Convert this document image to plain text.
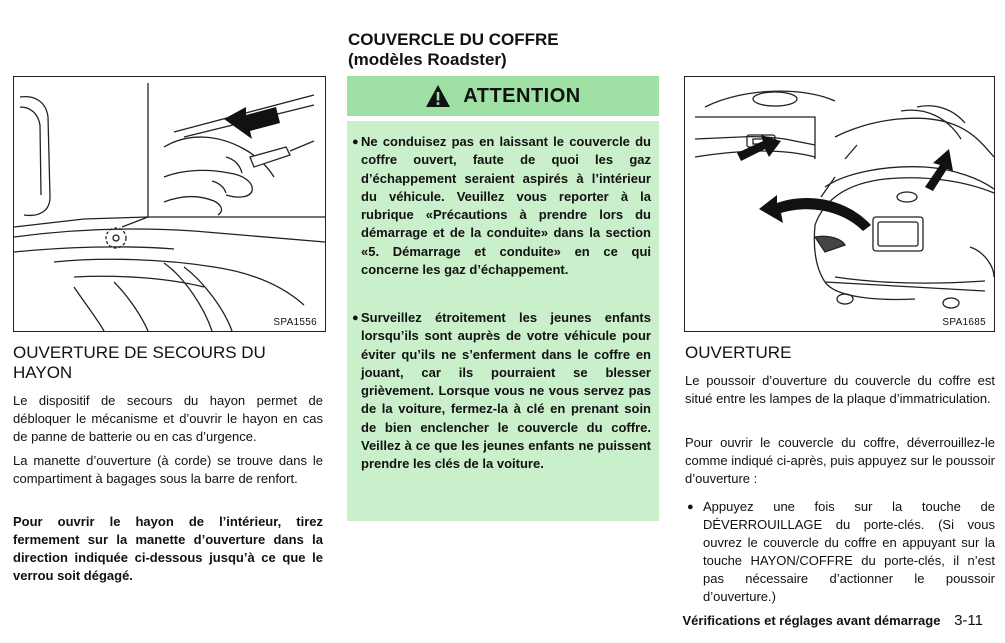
SPA1556
OUVERTURE DE SECOURS DU HAYON

Le dispositif de secours du hayon permet de débloquer le mécanisme et d’ouvrir le hayon en cas de panne de batterie ou en cas d’urgence.

La manette d’ouverture (à corde) se trouve dans le compartiment à bagages sous la barre de renfort.

Pour ouvrir le hayon de l’intérieur, tirez fermement sur la manette d’ouverture dans la direction indiquée ci-dessous jusqu’à ce que le verrou soit dégagé.

COUVERCLE DU COFFRE
(modèles Roadster)
ATTENTION
● Ne conduisez pas en laissant le couvercle du coffre ouvert, faute de quoi les gaz d’échappement seraient aspirés à l’intérieur du véhicule. Veuillez vous reporter à la rubrique «Précautions à prendre lors du démarrage et de la conduite» dans la section «5. Démarrage et conduite» en ce qui concerne les gaz d’échappement.
● Surveillez étroitement les jeunes enfants lorsqu’ils sont auprès de votre véhicule pour éviter qu’ils ne s’enferment dans le coffre en jouant, car ils pourraient se blesser grièvement. Lorsque vous ne vous servez pas de la voiture, fermez-la à clé en prenant soin de bien enclencher le couvercle du coffre. Veillez à ce que les jeunes enfants ne puissent prendre les clés de la voiture.
SPA1685
OUVERTURE

Le poussoir d’ouverture du couvercle du coffre est situé entre les lampes de la plaque d’immatriculation.

Pour ouvrir le couvercle du coffre, déverrouillez-le comme indiqué ci-après, puis appuyez sur le poussoir d’ouverture :

● Appuyez une fois sur la touche de DÉVERROUILLAGE du porte-clés. (Si vous ouvrez le couvercle du coffre en appuyant sur la touche HAYON/COFFRE du porte-clés, il n’est pas nécessaire d’actionner le poussoir d’ouverture.)
Vérifications et réglages avant démarrage 3-11
